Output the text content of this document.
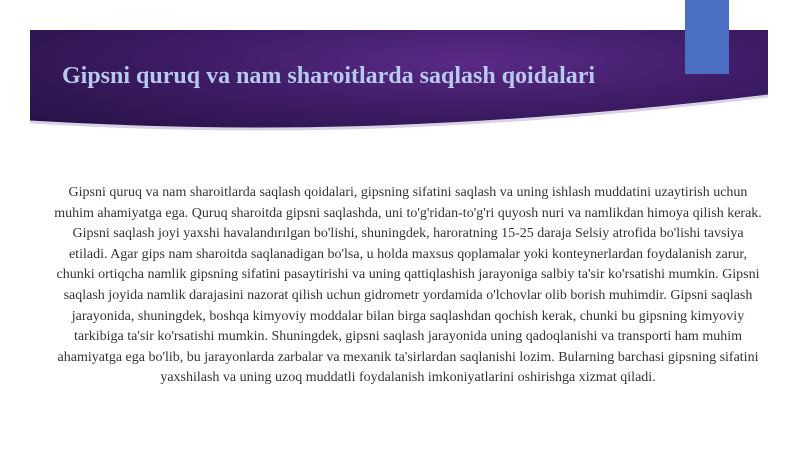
Gipsni quruq va nam sharoitlarda saqlash qoidalari

Gipsni quruq va nam sharoitlarda saqlash qoidalari, gipsning sifatini saqlash va uning ishlash muddatini uzaytirish uchun muhim ahamiyatga ega. Quruq sharoitda gipsni saqlashda, uni to'g'ridan-to'g'ri quyosh nuri va namlikdan himoya qilish kerak. Gipsni saqlash joyi yaxshi havalandırılgan bo'lishi, shuningdek, haroratning 15-25 daraja Selsiy atrofida bo'lishi tavsiya etiladi. Agar gips nam sharoitda saqlanadigan bo'lsa, u holda maxsus qoplamalar yoki konteynerlardan foydalanish zarur, chunki ortiqcha namlik gipsning sifatini pasaytirishi va uning qattiqlashish jarayoniga salbiy ta'sir ko'rsatishi mumkin. Gipsni saqlash joyida namlik darajasini nazorat qilish uchun gidrometr yordamida o'lchovlar olib borish muhimdir. Gipsni saqlash jarayonida, shuningdek, boshqa kimyoviy moddalar bilan birga saqlashdan qochish kerak, chunki bu gipsning kimyoviy tarkibiga ta'sir ko'rsatishi mumkin. Shuningdek, gipsni saqlash jarayonida uning qadoqlanishi va transporti ham muhim ahamiyatga ega bo'lib, bu jarayonlarda zarbalar va mexanik ta'sirlardan saqlanishi lozim. Bularning barchasi gipsning sifatini yaxshilash va uning uzoq muddatli foydalanish imkoniyatlarini oshirishga xizmat qiladi.
